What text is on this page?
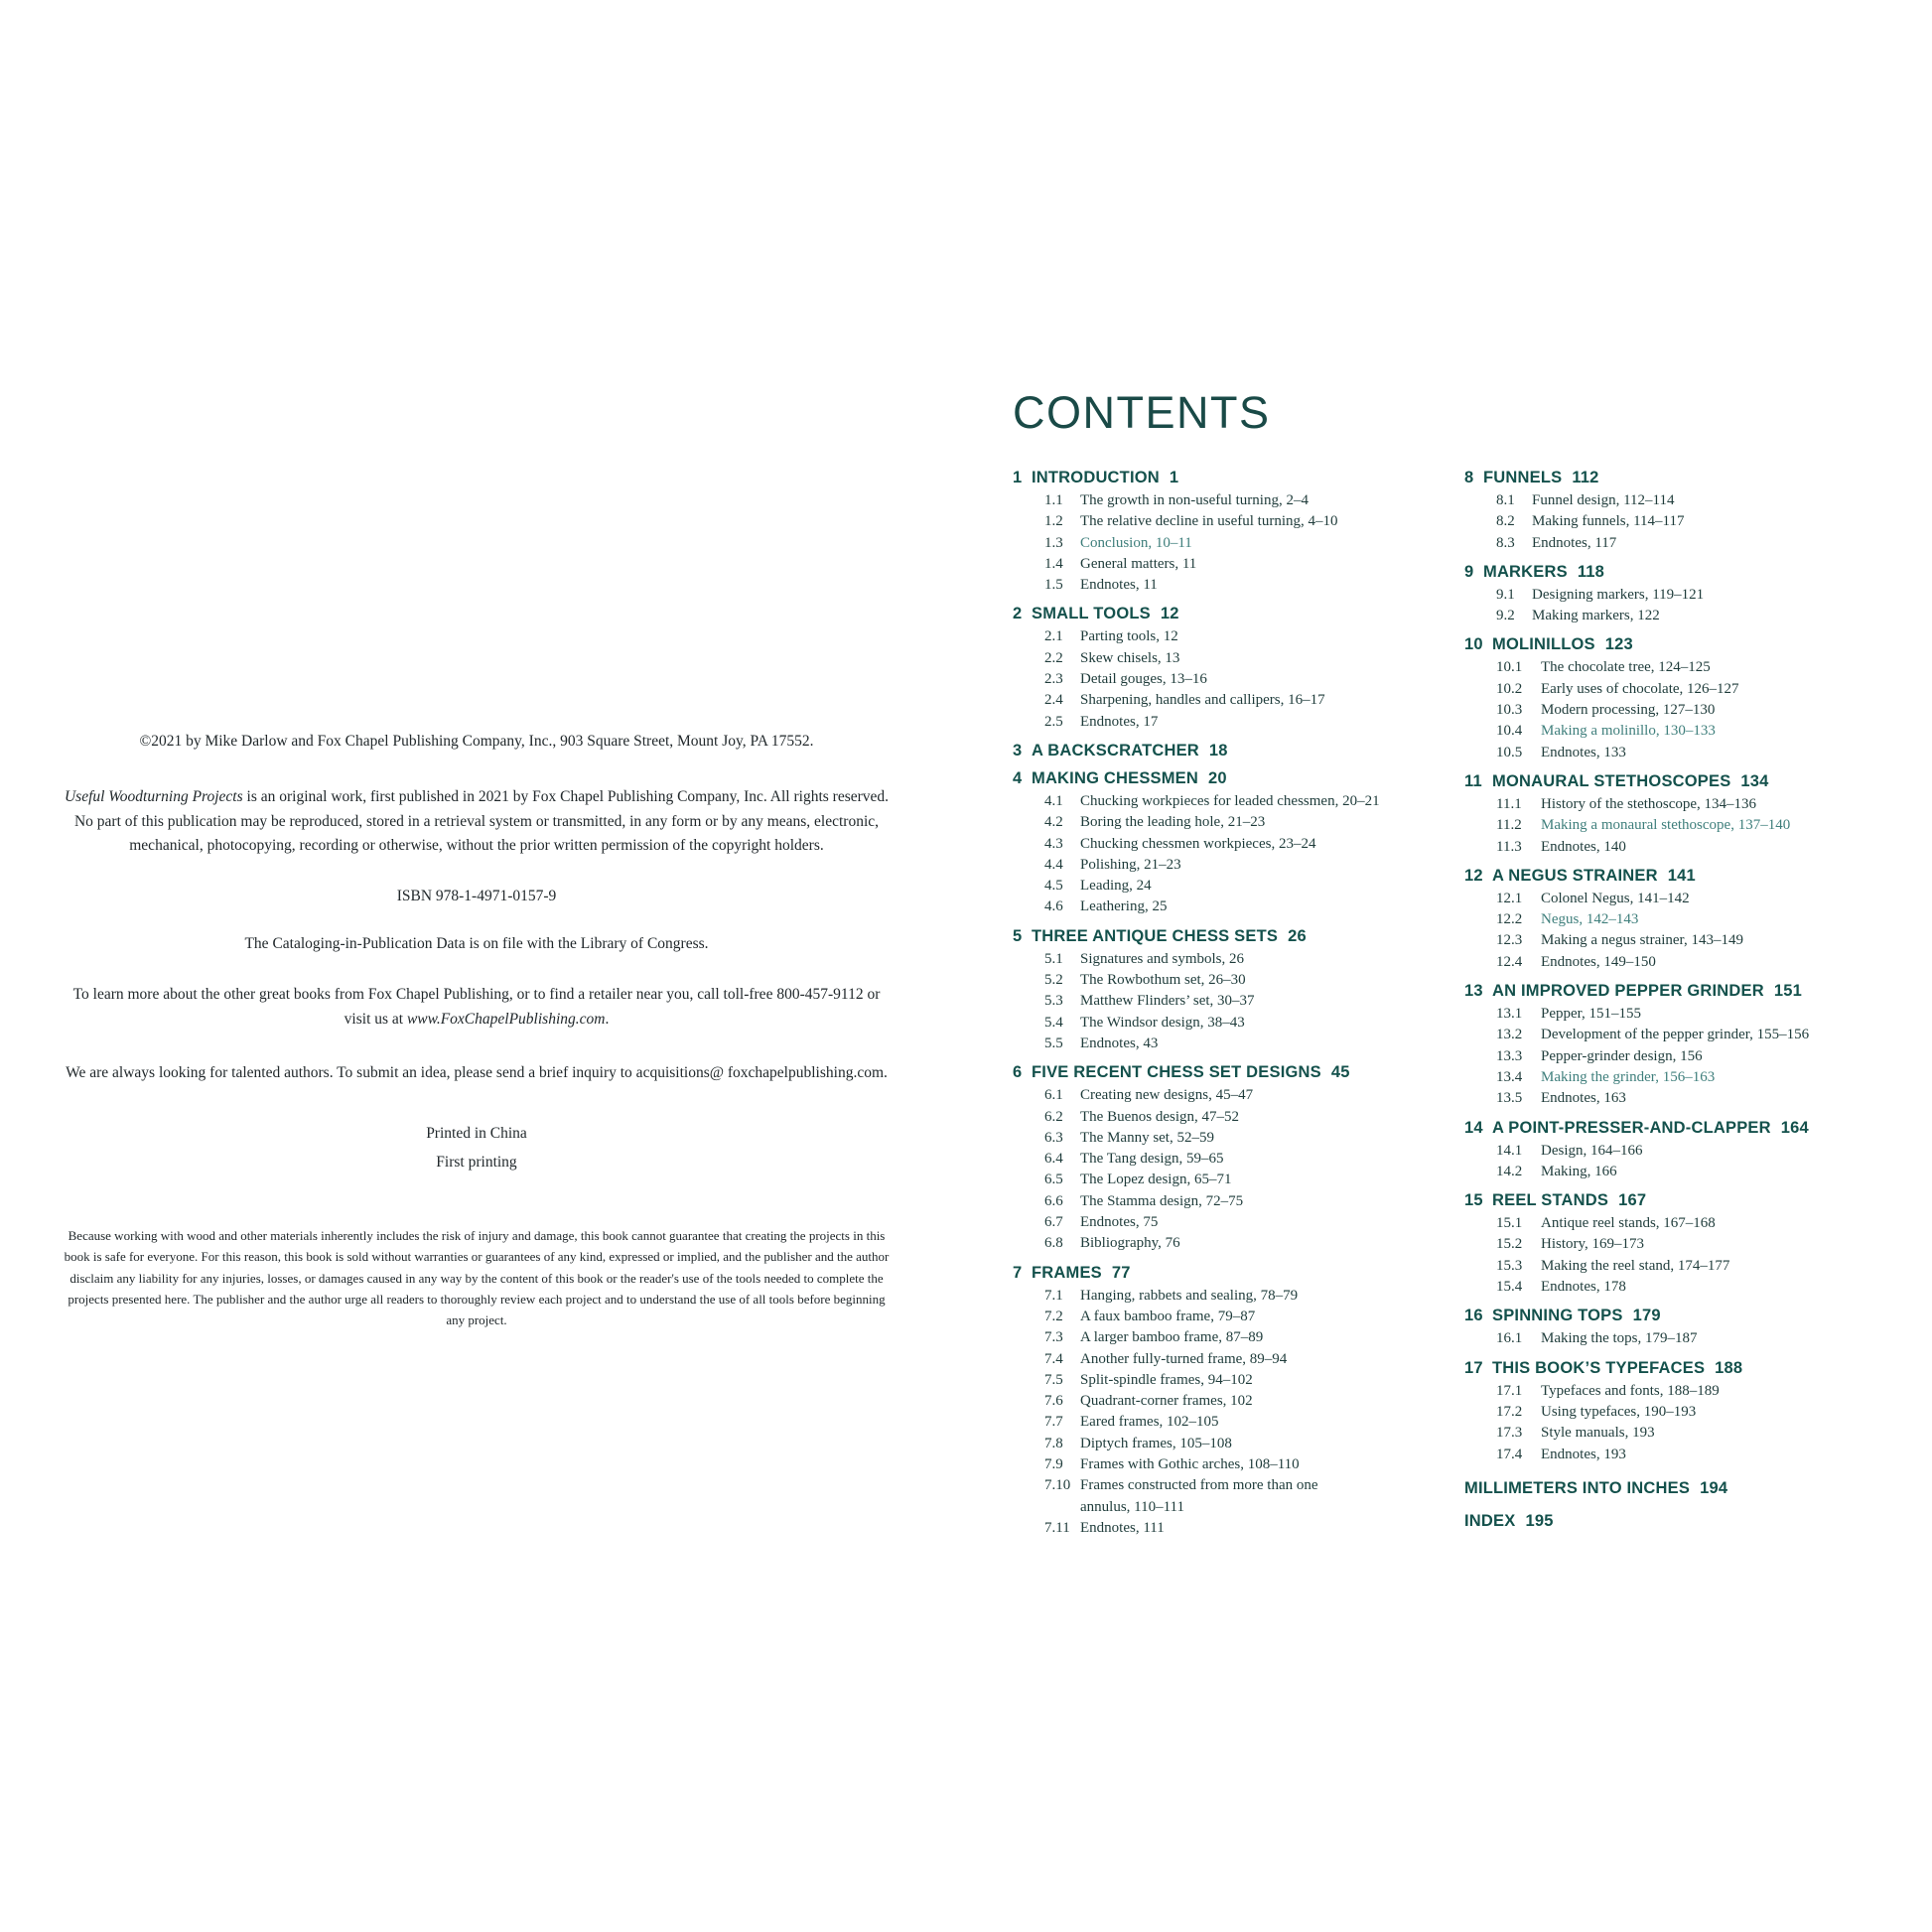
©2021 by Mike Darlow and Fox Chapel Publishing Company, Inc., 903 Square Street, Mount Joy, PA 17552.
Useful Woodturning Projects is an original work, first published in 2021 by Fox Chapel Publishing Company, Inc. All rights reserved. No part of this publication may be reproduced, stored in a retrieval system or transmitted, in any form or by any means, electronic, mechanical, photocopying, recording or otherwise, without the prior written permission of the copyright holders.
ISBN 978-1-4971-0157-9
The Cataloging-in-Publication Data is on file with the Library of Congress.
To learn more about the other great books from Fox Chapel Publishing, or to find a retailer near you, call toll-free 800-457-9112 or visit us at www.FoxChapelPublishing.com.
We are always looking for talented authors. To submit an idea, please send a brief inquiry to acquisitions@ foxchapelpublishing.com.
Printed in China
First printing
Because working with wood and other materials inherently includes the risk of injury and damage, this book cannot guarantee that creating the projects in this book is safe for everyone. For this reason, this book is sold without warranties or guarantees of any kind, expressed or implied, and the publisher and the author disclaim any liability for any injuries, losses, or damages caused in any way by the content of this book or the reader's use of the tools needed to complete the projects presented here. The publisher and the author urge all readers to thoroughly review each project and to understand the use of all tools before beginning any project.
CONTENTS
1 INTRODUCTION 1
1.1	The growth in non-useful turning, 2–4
1.2	The relative decline in useful turning, 4–10
1.3	Conclusion, 10–11
1.4	General matters, 11
1.5	Endnotes, 11
2 SMALL TOOLS 12
2.1	Parting tools, 12
2.2	Skew chisels, 13
2.3	Detail gouges, 13–16
2.4	Sharpening, handles and callipers, 16–17
2.5	Endnotes, 17
3 A BACKSCRATCHER 18
4 MAKING CHESSMEN 20
4.1	Chucking workpieces for leaded chessmen, 20–21
4.2	Boring the leading hole, 21–23
4.3	Chucking chessmen workpieces, 23–24
4.4	Polishing, 21–23
4.5	Leading, 24
4.6	Leathering, 25
5 THREE ANTIQUE CHESS SETS 26
5.1	Signatures and symbols, 26
5.2	The Rowbothum set, 26–30
5.3	Matthew Flinders’ set, 30–37
5.4	The Windsor design, 38–43
5.5	Endnotes, 43
6 FIVE RECENT CHESS SET DESIGNS 45
6.1	Creating new designs, 45–47
6.2	The Buenos design, 47–52
6.3	The Manny set, 52–59
6.4	The Tang design, 59–65
6.5	The Lopez design, 65–71
6.6	The Stamma design, 72–75
6.7	Endnotes, 75
6.8	Bibliography, 76
7 FRAMES 77
7.1	Hanging, rabbets and sealing, 78–79
7.2	A faux bamboo frame, 79–87
7.3	A larger bamboo frame, 87–89
7.4	Another fully-turned frame, 89–94
7.5	Split-spindle frames, 94–102
7.6	Quadrant-corner frames, 102
7.7	Eared frames, 102–105
7.8	Diptych frames, 105–108
7.9	Frames with Gothic arches, 108–110
7.10 Frames constructed from more than one
annulus, 110–111
7.11 Endnotes, 111
8 FUNNELS 112
8.1	Funnel design, 112–114
8.2	Making funnels, 114–117
8.3	Endnotes, 117
9 MARKERS 118
9.1	Designing markers, 119–121
9.2	Making markers, 122
10 MOLINILLOS 123
10.1	The chocolate tree, 124–125
10.2	Early uses of chocolate, 126–127
10.3	Modern processing, 127–130
10.4	Making a molinillo, 130–133
10.5	Endnotes, 133
11 MONAURAL STETHOSCOPES 134
11.1	History of the stethoscope, 134–136
11.2	Making a monaural stethoscope, 137–140
11.3	Endnotes, 140
12 A NEGUS STRAINER 141
12.1	Colonel Negus, 141–142
12.2	Negus, 142–143
12.3	Making a negus strainer, 143–149
12.4	Endnotes, 149–150
13 AN IMPROVED PEPPER GRINDER 151
13.1	Pepper, 151–155
13.2	Development of the pepper grinder, 155–156
13.3	Pepper-grinder design, 156
13.4	Making the grinder, 156–163
13.5	Endnotes, 163
14 A POINT-PRESSER-AND-CLAPPER 164
14.1	Design, 164–166
14.2	Making, 166
15 REEL STANDS 167
15.1	Antique reel stands, 167–168
15.2	History, 169–173
15.3	Making the reel stand, 174–177
15.4	Endnotes, 178
16 SPINNING TOPS 179
16.1	Making the tops, 179–187
17 THIS BOOK’S TYPEFACES 188
17.1	Typefaces and fonts, 188–189
17.2	Using typefaces, 190–193
17.3	Style manuals, 193
17.4	Endnotes, 193
MILLIMETERS INTO INCHES 194
INDEX 195
